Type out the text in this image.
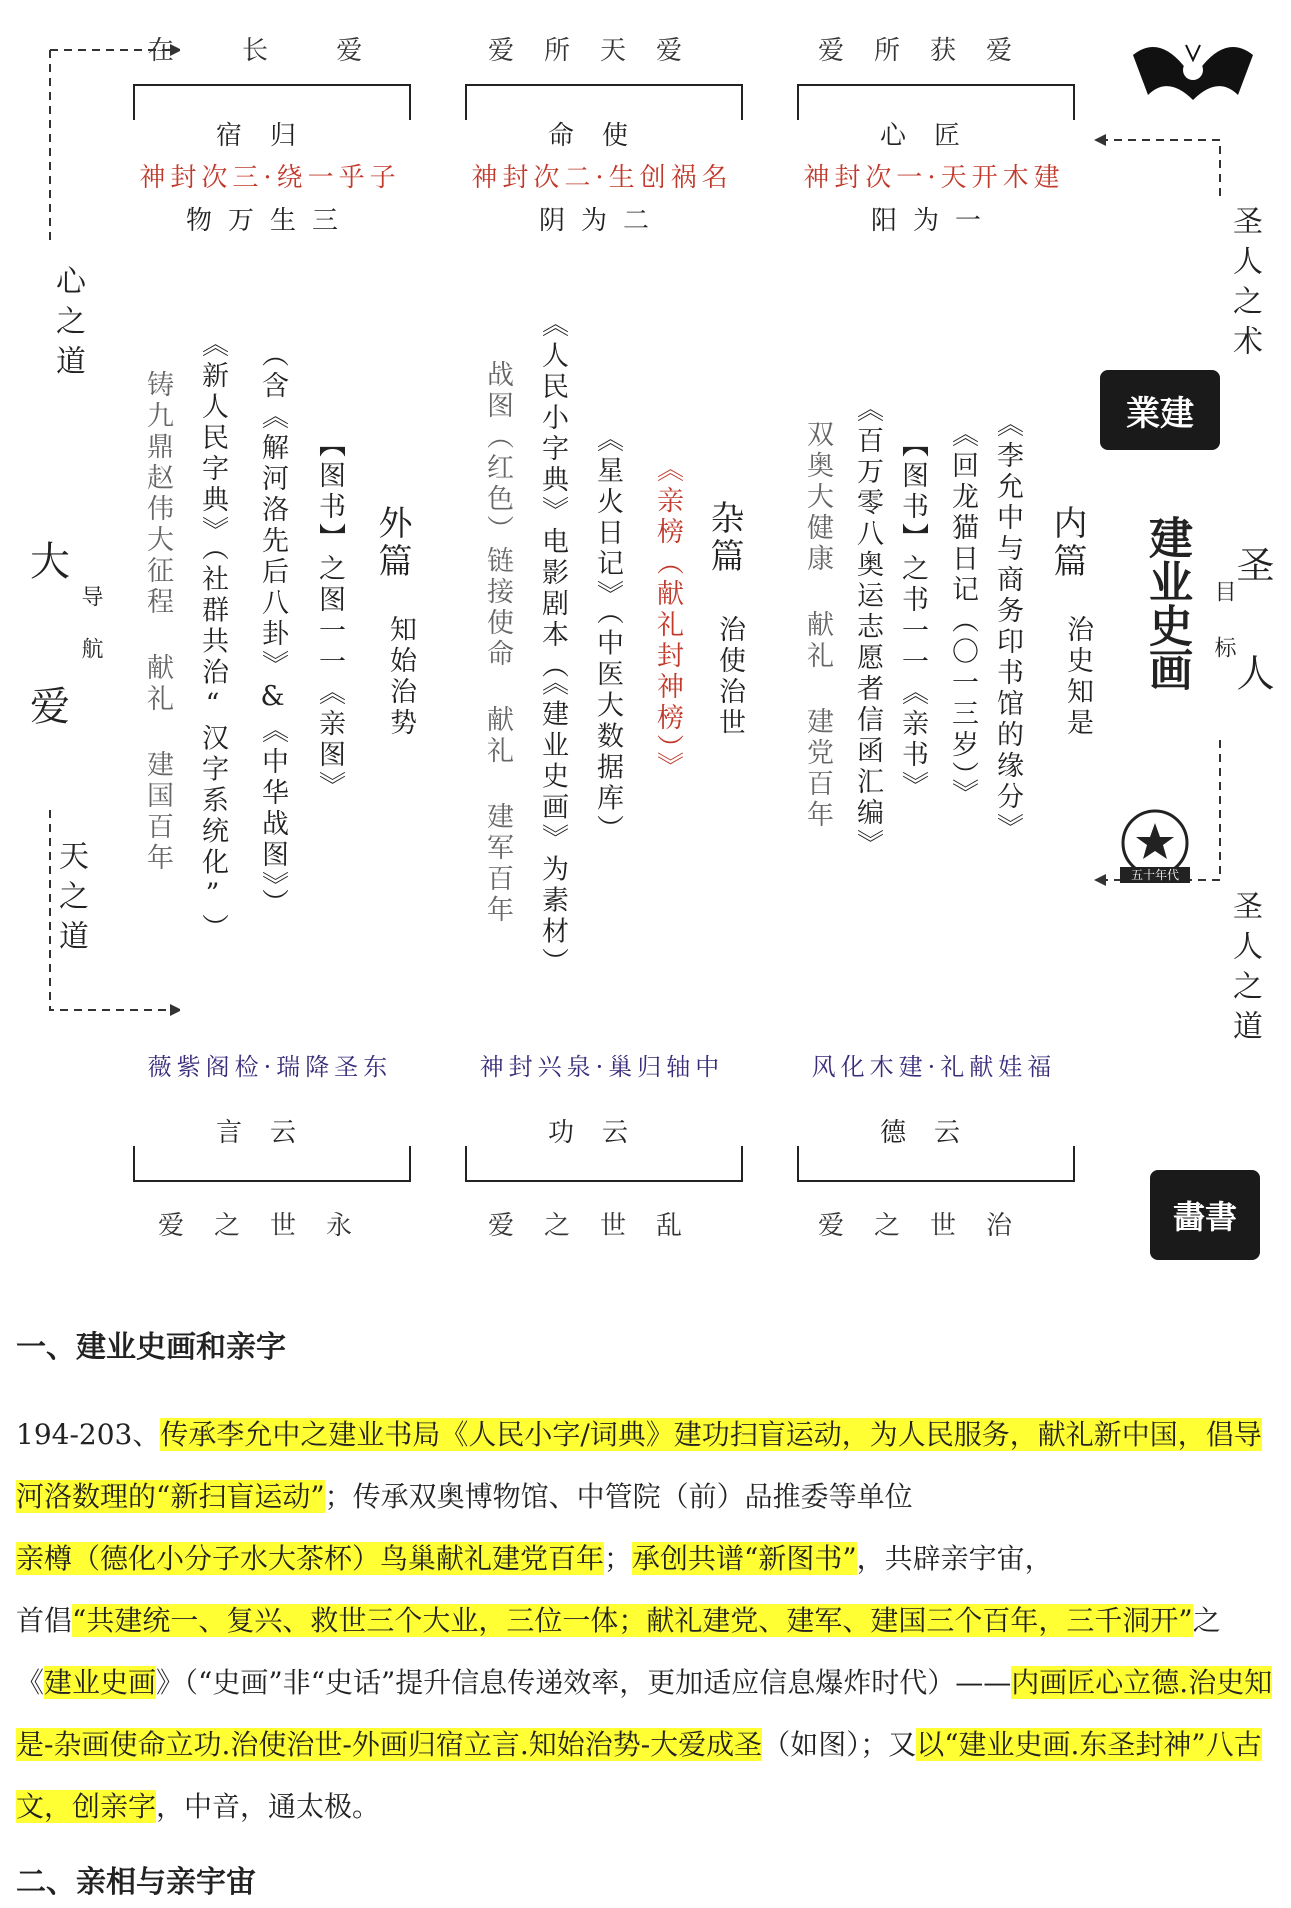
在 长 爱	爱所天爱	爱所获爱
宿归	命使	心匠
神封次三·绕一乎子	神封次二·生创祸名	神封次一·天开木建
物万生三	阴为二	阳为一
心之道
大
导航
爱
天之道
圣人之术
圣人
目标
圣人之道
業建
建业史画
五十年代
畵書
内篇
治史知是
《李允中与商务印书馆的缘分》
《回龙猫日记（〇一三岁）》
【图书】之书一一《亲书》
《百万零八奥运志愿者信函汇编》
双奥大健康 献礼 建党百年
杂篇
治使治世
《亲榜（献礼封神榜）》
《星火日记》（中医大数据库）
《人民小字典》电影剧本（《建业史画》为素材）
战图（红色）链接使命 献礼 建军百年
外篇
知始治势
【图书】之图一一《亲图》
（含《解河洛先后八卦》&《中华战图》）
《新人民字典》（社群共治“汉字系统化”）
铸九鼎赵伟大征程 献礼 建国百年
薇紫阁检·瑞降圣东	神封兴泉·巢归轴中	风化木建·礼献娃福
言云	功云	德云
爱之世永	爱之世乱	爱之世治
一、建业史画和亲字
194-203、传承李允中之建业书局《人民小字/词典》建功扫盲运动，为人民服务，献礼新中国，倡导河洛数理的“新扫盲运动”；传承双奥博物馆、中管院（前）品推委等单位
亲樽（德化小分子水大茶杯）鸟巢献礼建党百年；承创共谱“新图书”，共辟亲宇宙，
首倡“共建统一、复兴、救世三个大业，三位一体；献礼建党、建军、建国三个百年，三千洞开”之《建业史画》（“史画”非“史话”提升信息传递效率，更加适应信息爆炸时代）——内画匠心立德.治史知是-杂画使命立功.治使治世-外画归宿立言.知始治势-大爱成圣（如图）；又以“建业史画.东圣封神”八古文，创亲字，中音，通太极。
二、亲相与亲宇宙
